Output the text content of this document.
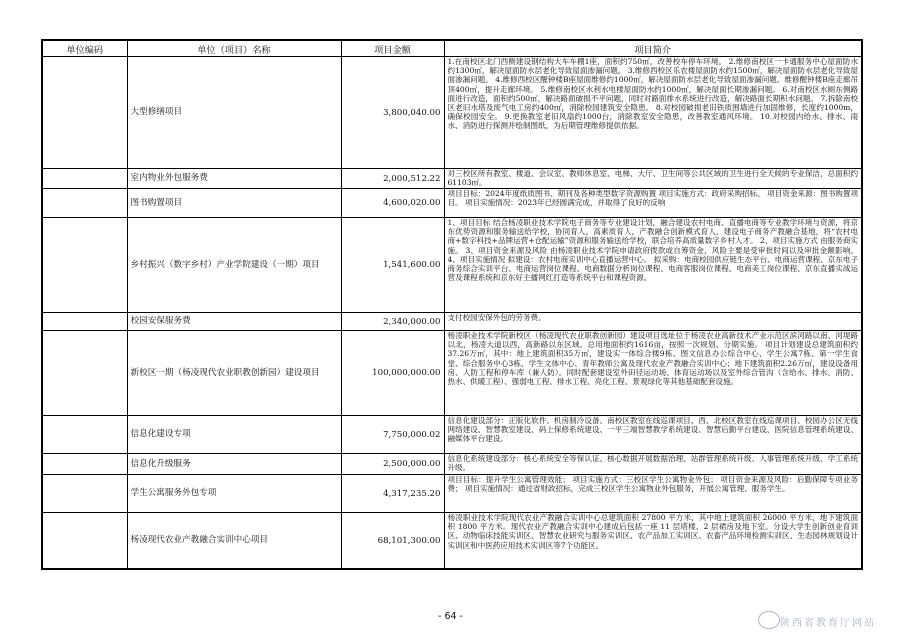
单位编码	单位（项目）名称	项目金额	项目简介
	大型修缮项目	3,800,040.00	1.在南校区北门西侧建设钢结构大车车棚1座，面积约750㎡，改善校车停车环境。 2.维修南校区一卡通服务中心屋面防水约1300㎡，解决屋面防水层老化导致屋面渗漏问题。 3.维修西校区乐农楼屋面防水约1500㎡，解决屋面防水层老化导致屋面渗漏问题。 4.维修西校区醒钟楼B座屋面维修约1000㎡，解决屋面防水层老化导致屋面渗漏问题。维修醒钟楼B座走廊吊顶400㎡，提升走廊环境。 5.维修南校区水利水电楼屋面防水约1000㎡，解决屋面长期渗漏问题。 6.对南校区水厕东侧路面进行改造，面积约500㎡，解决路面破损不平问题，同时对路面排水系统进行改造，解决路面长期积水问题。 7.拆除南校区老旧水塔及废气电工房约400㎡，消除校园建筑安全隐患。 8.对校园破损老旧铁质围墙进行加固维修，长度约1000m，确保校园安全。 9.更换教室老旧风扇约1000台，消除教室安全隐患，改善教室通风环境。 10.对校园内给水、排水、雨水、消防进行探测并绘制图纸，为后期管理维修提供依据。

	室内物业外包服务费	2,000,512.22	对三校区所有教室、楼道、会议室、教师休息室、电梯、大厅、卫生间等公共区域的卫生进行全天候的专业保洁，总面积约61103㎡。

	图书购置项目	4,600,020.00	项目目标：2024年度纸质图书、期刊及各种类型数字资源购置 项目实施方式：政府采购招标。 项目资金来源：图书购置项目。 项目实施情况：2023年已经圆满完成，并取得了良好的反响

	乡村振兴（数字乡村）产业学院建设（一期）项目	1,541,600.00	1、项目目标 结合杨凌职业技术学院电子商务等专业建设计划，融合建设农村电商、直播电商等专业教学环境与资源，将京东优势资源和服务输送给学校，协同育人，高素质育人，产教融合创新模式育人，建设电子商务产教融合基地，将“农村电商+数字科技+品牌运营+仓配运输”资源和服务输送给学校，联合培养高质量数字乡村人才。 2、项目实施方式 由服务商实施。 3、项目资金来源及风险 由杨凌职业技术学院申请政府拨款或自筹资金，风险主要是受审批时间以及审批金额影响。 4、项目实施情况 拟建设：农村电商实训中心直播运营中心。 拟采购：电商校园供应链生态平台、电商运营课程、京东电子商务综合实训平台、电商运营岗位课程、电商数据分析岗位课程、电商客服岗位课程、电商美工岗位课程、京东直播实战运营及课程系统和京东好主播网红打造等系统平台和课程资源。

	校园安保服务费	2,340,000.00	支付校园安保外包的劳务费。

	新校区一期（杨凌现代农业职教创新园）建设项目	100,000,000.00	杨凌职业技术学院新校区（杨凌现代农业职教创新园）建设项目选址位于杨凌农业高新技术产业示范区滨河路以南、河堤路以北，杨凌大道以西，高新路以东区域。总用地面积约1616亩，按照一次规划、分期实施。 项目计划建设总建筑面积约37.26万㎡，其中：地上建筑面积35万㎡，建设实一体综合楼9栋、图文信息办公综合中心、学生公寓7栋、第一学生食堂、综合服务中心3栋、学生文体中心、青年教师公寓及现代农业产教融合实训中心；地下建筑面积2.26万㎡，建设设备用房、人防工程和停车库（兼人防）。同时配套建设室外田径运动场、体育运动场以及室外综合管沟（含给水、排水、消防、热水、供暖工程）、强弱电工程、排水工程、亮化工程、景观绿化等其他基础配套设施。

	信息化建设专项	7,750,000.02	信息化建设部分：正版化软件、机房制冷设备、南校区教室在线巡课项目、西、北校区教室在线巡课项目、校园办公区无线网络建设、智慧教室建设、码上保修系统建设、一平三端智慧教学系统建设、智慧后勤平台建设、医院信息管理系统建设、融媒体平台建设。

	信息化升级服务	2,500,000.00	信息化系统建设部分：核心系统安全等保认证、核心数据开展数据治理、站群管理系统升级、人事管理系统升级、学工系统升级。

	学生公寓服务外包专项	4,317,235.20	项目目标：提升学生公寓管理效能； 项目实施方式：三校区学生公寓物业外包； 项目资金来源及风险：后勤保障专项业务费； 项目实施情况：通过省财政招标，完成三校区学生公寓物业外包服务，开展公寓管理、服务学生。

	杨凌现代农业产教融合实训中心项目	68,101,300.00	杨凌职业技术学院现代农业产教融合实训中心总建筑面积 27800 平方米，其中地上建筑面积 26000 平方米，地下建筑面积 1800 平方米。现代农业产教融合实训中心建成后包括一座 11 层塔楼、2 层裙房及地下室。分设大学生创新创业育训区、动物临床技能实训区、智慧农业研究与服务实训区、农产品加工实训区、农畜产品环境检测实训区、生态园林规划设计实训区和中医药应用技术实训区等7个功能区。
- 64 -
陕西省教育厅网站
